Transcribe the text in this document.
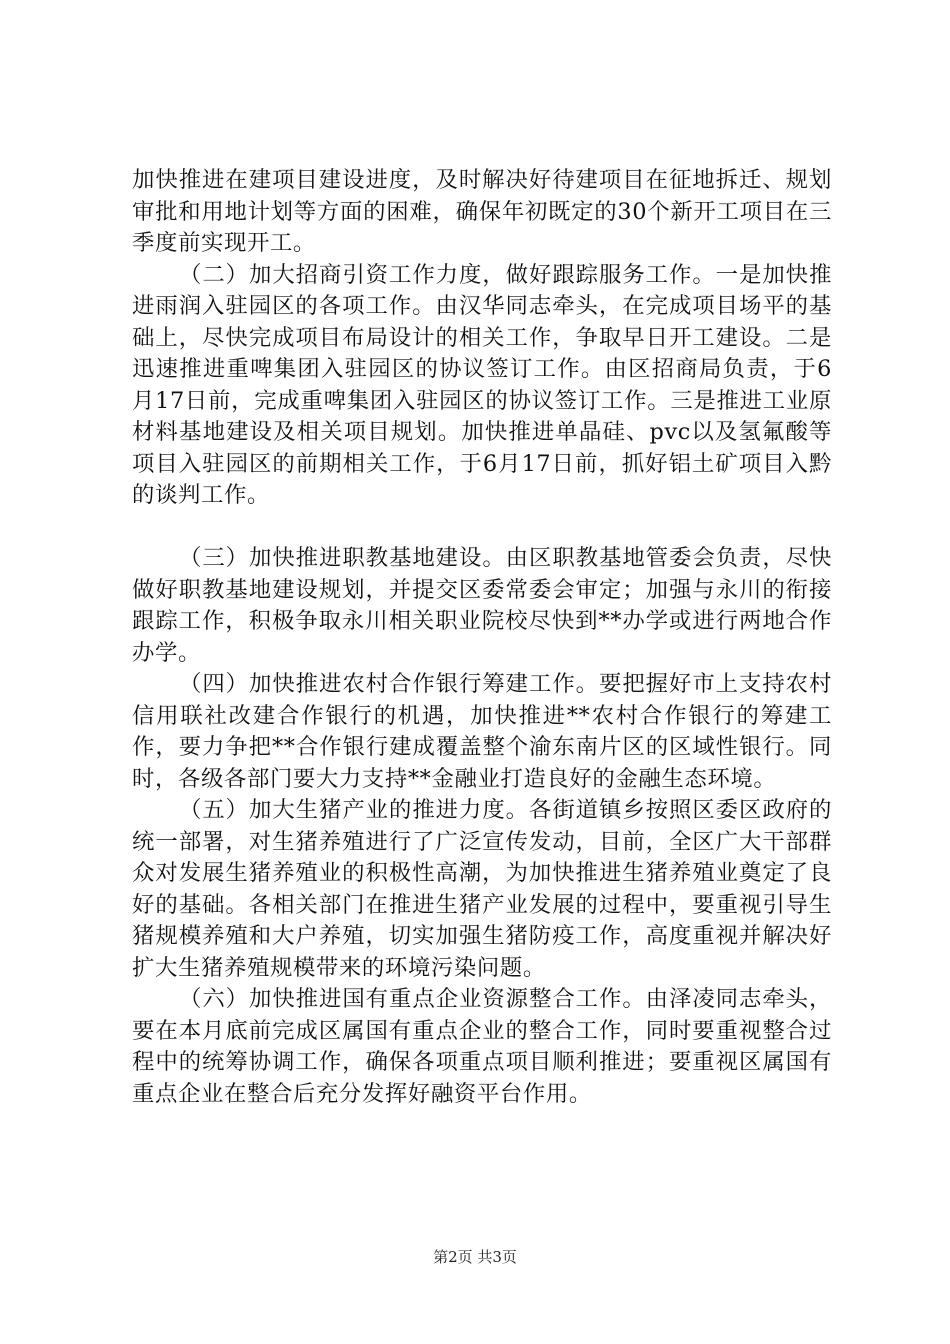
加快推进在建项目建设进度，及时解决好待建项目在征地拆迁、规划审批和用地计划等方面的困难，确保年初既定的30个新开工项目在三季度前实现开工。

（二）加大招商引资工作力度，做好跟踪服务工作。一是加快推进雨润入驻园区的各项工作。由汉华同志牵头，在完成项目场平的基础上，尽快完成项目布局设计的相关工作，争取早日开工建设。二是迅速推进重啤集团入驻园区的协议签订工作。由区招商局负责，于6月17日前，完成重啤集团入驻园区的协议签订工作。三是推进工业原材料基地建设及相关项目规划。加快推进单晶硅、pvc以及氢氟酸等项目入驻园区的前期相关工作，于6月17日前，抓好铝土矿项目入黔的谈判工作。

（三）加快推进职教基地建设。由区职教基地管委会负责，尽快做好职教基地建设规划，并提交区委常委会审定；加强与永川的衔接跟踪工作，积极争取永川相关职业院校尽快到**办学或进行两地合作办学。

（四）加快推进农村合作银行筹建工作。要把握好市上支持农村信用联社改建合作银行的机遇，加快推进**农村合作银行的筹建工作，要力争把**合作银行建成覆盖整个渝东南片区的区域性银行。同时，各级各部门要大力支持**金融业打造良好的金融生态环境。

（五）加大生猪产业的推进力度。各街道镇乡按照区委区政府的统一部署，对生猪养殖进行了广泛宣传发动，目前，全区广大干部群众对发展生猪养殖业的积极性高潮，为加快推进生猪养殖业奠定了良好的基础。各相关部门在推进生猪产业发展的过程中，要重视引导生猪规模养殖和大户养殖，切实加强生猪防疫工作，高度重视并解决好扩大生猪养殖规模带来的环境污染问题。

（六）加快推进国有重点企业资源整合工作。由泽凌同志牵头，要在本月底前完成区属国有重点企业的整合工作，同时要重视整合过程中的统筹协调工作，确保各项重点项目顺利推进；要重视区属国有重点企业在整合后充分发挥好融资平台作用。

第2页 共3页
